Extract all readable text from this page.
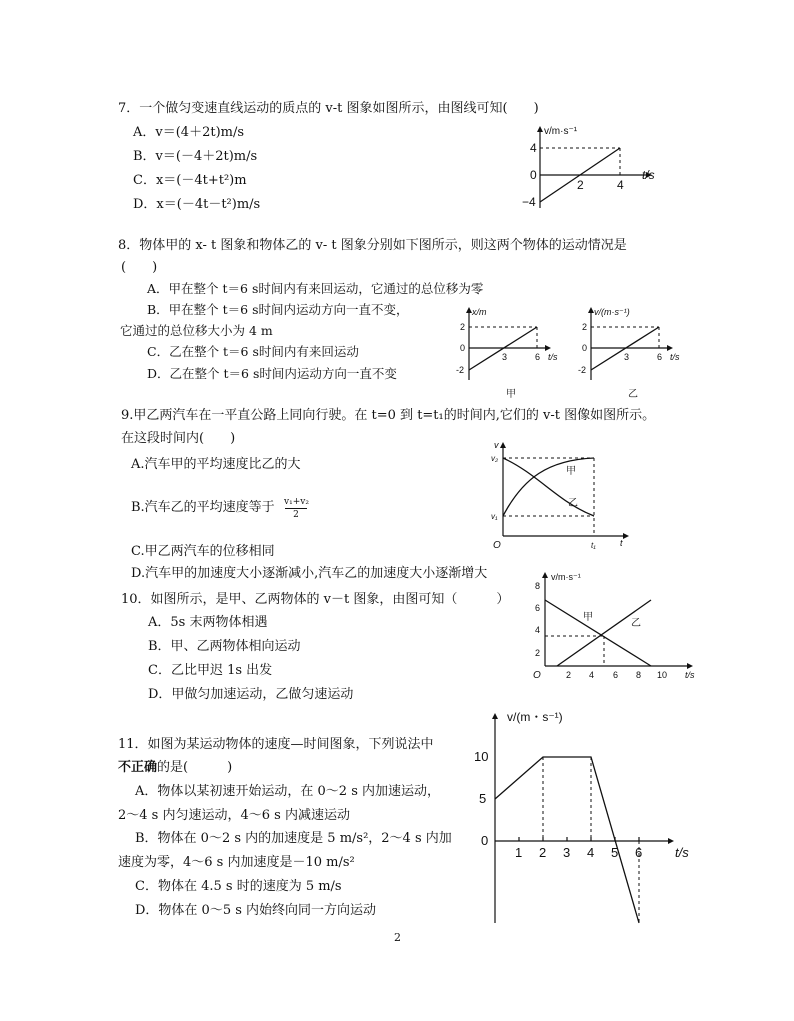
7．一个做匀变速直线运动的质点的 v-t 图象如图所示，由图线可知(　　)
A．v＝(4＋2t)m/s
B．v＝(－4＋2t)m/s
C．x＝(－4t+t²)m
D．x＝(－4t－t²)m/s
v/m·s⁻¹
t/s
4
0
−4
2	4
8．物体甲的 x- t 图象和物体乙的 v- t 图象分别如下图所示，则这两个物体的运动情况是
(　　)
A．甲在整个 t＝6 s时间内有来回运动，它通过的总位移为零
B．甲在整个 t＝6 s时间内运动方向一直不变，
它通过的总位移大小为 4 m
C．乙在整个 t＝6 s时间内有来回运动
D．乙在整个 t＝6 s时间内运动方向一直不变
x/m
t/s
2
0
-2
3	6
甲
v/(m·s⁻¹)
t/s
2
0
-2
3	6
乙
9.甲乙两汽车在一平直公路上同向行驶。在 t=0 到 t=t₁的时间内,它们的 v-t 图像如图所示。
在这段时间内(　　)
A.汽车甲的平均速度比乙的大
B.汽车乙的平均速度等于 v₁+v₂
2
C.甲乙两汽车的位移相同
D.汽车甲的加速度大小逐渐减小,汽车乙的加速度大小逐渐增大
v
t
v₂
v₁
O	t₁
甲
乙
10．如图所示，是甲、乙两物体的 v－t 图象，由图可知（　　　）
A．5s 末两物体相遇
B．甲、乙两物体相向运动
C．乙比甲迟 1s 出发
D．甲做匀加速运动，乙做匀速运动
v/m·s⁻¹
t/s
O
8
6
4
2
2 4 6 8 10
甲
乙
11．如图为某运动物体的速度—时间图象，下列说法中
不正确的是(　　　)
A．物体以某初速开始运动，在 0～2 s 内加速运动，
2～4 s 内匀速运动，4～6 s 内减速运动
B．物体在 0～2 s 内的加速度是 5 m/s²，2～4 s 内加
速度为零，4～6 s 内加速度是－10 m/s²
C．物体在 4.5 s 时的速度为 5 m/s
D．物体在 0～5 s 内始终向同一方向运动
v/(m・s⁻¹)
t/s
10
5
0
1 2 3 4 5 6
2
